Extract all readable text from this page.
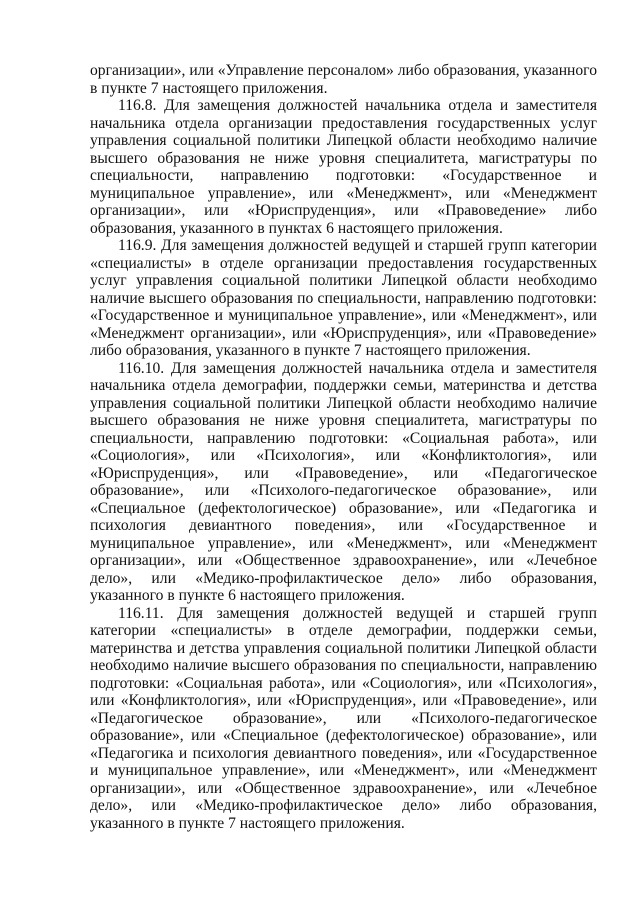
организации», или «Управление персоналом» либо образования, указанного в пункте 7 настоящего приложения.

116.8. Для замещения должностей начальника отдела и заместителя начальника отдела организации предоставления государственных услуг управления социальной политики Липецкой области необходимо наличие высшего образования не ниже уровня специалитета, магистратуры по специальности, направлению подготовки: «Государственное и муниципальное управление», или «Менеджмент», или «Менеджмент организации», или «Юриспруденция», или «Правоведение» либо образования, указанного в пунктах 6 настоящего приложения.

116.9. Для замещения должностей ведущей и старшей групп категории «специалисты» в отделе организации предоставления государственных услуг управления социальной политики Липецкой области необходимо наличие высшего образования по специальности, направлению подготовки: «Государственное и муниципальное управление», или «Менеджмент», или «Менеджмент организации», или «Юриспруденция», или «Правоведение» либо образования, указанного в пункте 7 настоящего приложения.

116.10. Для замещения должностей начальника отдела и заместителя начальника отдела демографии, поддержки семьи, материнства и детства управления социальной политики Липецкой области необходимо наличие высшего образования не ниже уровня специалитета, магистратуры по специальности, направлению подготовки: «Социальная работа», или «Социология», или «Психология», или «Конфликтология», или «Юриспруденция», или «Правоведение», или «Педагогическое образование», или «Психолого-педагогическое образование», или «Специальное (дефектологическое) образование», или «Педагогика и психология девиантного поведения», или «Государственное и муниципальное управление», или «Менеджмент», или «Менеджмент организации», или «Общественное здравоохранение», или «Лечебное дело», или «Медико-профилактическое дело» либо образования, указанного в пункте 6 настоящего приложения.

116.11. Для замещения должностей ведущей и старшей групп категории «специалисты» в отделе демографии, поддержки семьи, материнства и детства управления социальной политики Липецкой области необходимо наличие высшего образования по специальности, направлению подготовки: «Социальная работа», или «Социология», или «Психология», или «Конфликтология», или «Юриспруденция», или «Правоведение», или «Педагогическое образование», или «Психолого-педагогическое образование», или «Специальное (дефектологическое) образование», или «Педагогика и психология девиантного поведения», или «Государственное и муниципальное управление», или «Менеджмент», или «Менеджмент организации», или «Общественное здравоохранение», или «Лечебное дело», или «Медико-профилактическое дело» либо образования, указанного в пункте 7 настоящего приложения.
